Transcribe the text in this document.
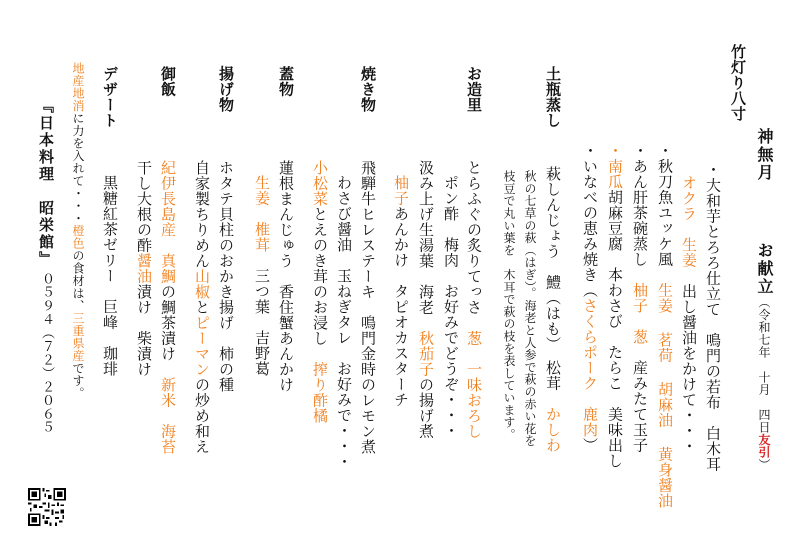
神無月
お献立（令和七年　十月　四日友引）
竹灯り八寸
・大和芋とろろ仕立て　鳴門の若布　白木耳
オクラ　生姜　出し醤油をかけて・・・
・秋刀魚ユッケ風　生姜 茗荷 胡麻油 黄身醤油
・あん肝茶碗蒸し　柚子　葱　産みたて玉子
・南瓜胡麻豆腐　本わさび　たらこ　美味出し
・いなべの恵み焼き（さくらポーク　鹿肉）
土瓶蒸し
萩しんじょう　鱧（はも）　松茸　かしわ
秋の七草の萩（はぎ）。海老と人参で萩の赤い花を
枝豆で丸い葉を　木耳で萩の枝を表しています。
お造里
とらふぐの炙りてっさ　葱　一味おろし
ポン酢　梅肉　お好みでどうぞ・・・
汲み上げ生湯葉　海老　秋茄子の揚げ煮
柚子あんかけ　タピオカスターチ
焼き物
飛騨牛ヒレステーキ　鳴門金時のレモン煮
わさび醤油　玉ねぎタレ　お好みで・・・
小松菜とえのき茸のお浸し　搾り酢橘
蓋物
蓮根まんじゅう　香住蟹あんかけ
生姜　椎茸　三つ葉　吉野葛
揚げ物
ホタテ貝柱のおかき揚げ　柿の種
自家製ちりめん山椒とピーマンの炒め和え
御飯
紀伊長島産　真鯛の鯛茶漬け　新米　海苔
干し大根の酢醤油漬け　柴漬け
デザート
黒糖紅茶ゼリー　巨峰　珈琲
地産地消に力を入れて・・・橙色の食材は、三重県産です。
『日本料理　昭栄館』
０５９４（７２）２０６５
